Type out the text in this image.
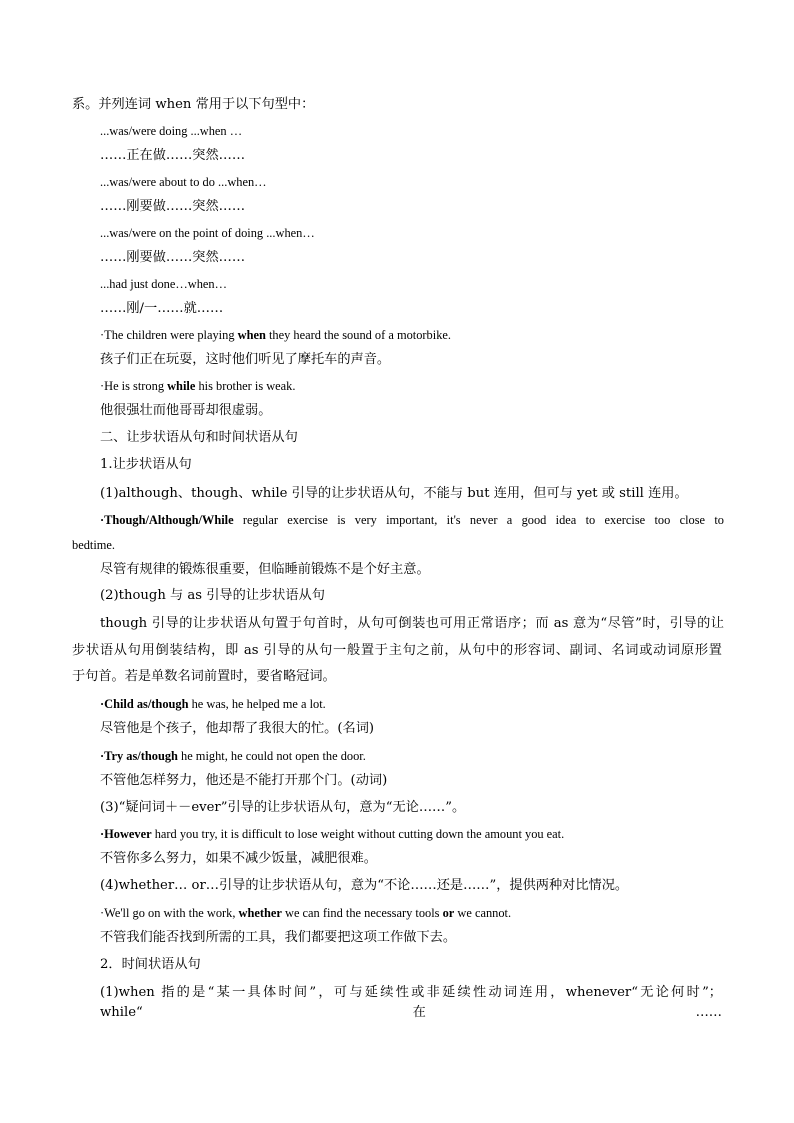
系。并列连词 when 常用于以下句型中：
...was/were doing ...when …
……正在做……突然……
...was/were about to do ...when…
……刚要做……突然……
...was/were on the point of doing ...when…
……刚要做……突然……
...had just done…when…
……刚/一……就……
·The children were playing when they heard the sound of a motorbike.
孩子们正在玩耍，这时他们听见了摩托车的声音。
·He is strong while his brother is weak.
他很强壮而他哥哥却很虚弱。
二、让步状语从句和时间状语从句
1.让步状语从句
(1)although、though、while 引导的让步状语从句，不能与 but 连用，但可与 yet 或 still 连用。
·Though/Although/While regular exercise is very important, it's never a good idea to exercise too close to
bedtime.
尽管有规律的锻炼很重要，但临睡前锻炼不是个好主意。
(2)though 与 as 引导的让步状语从句
though 引导的让步状语从句置于句首时，从句可倒装也可用正常语序；而 as 意为“尽管”时，引导的让
步状语从句用倒装结构，即 as 引导的从句一般置于主句之前，从句中的形容词、副词、名词或动词原形置
于句首。若是单数名词前置时，要省略冠词。
·Child as/though he was, he helped me a lot.
尽管他是个孩子，他却帮了我很大的忙。(名词)
·Try as/though he might, he could not open the door.
不管他怎样努力，他还是不能打开那个门。(动词)
(3)“疑问词＋－ever”引导的让步状语从句，意为“无论……”。
·However hard you try, it is difficult to lose weight without cutting down the amount you eat.
不管你多么努力，如果不减少饭量，减肥很难。
(4)whether… or…引导的让步状语从句，意为“不论……还是……”，提供两种对比情况。
·We'll go on with the work, whether we can find the necessary tools or we cannot.
不管我们能否找到所需的工具，我们都要把这项工作做下去。
2．时间状语从句
(1)when 指的是“某一具体时间”，可与延续性或非延续性动词连用，whenever“无论何时”；while“在……
